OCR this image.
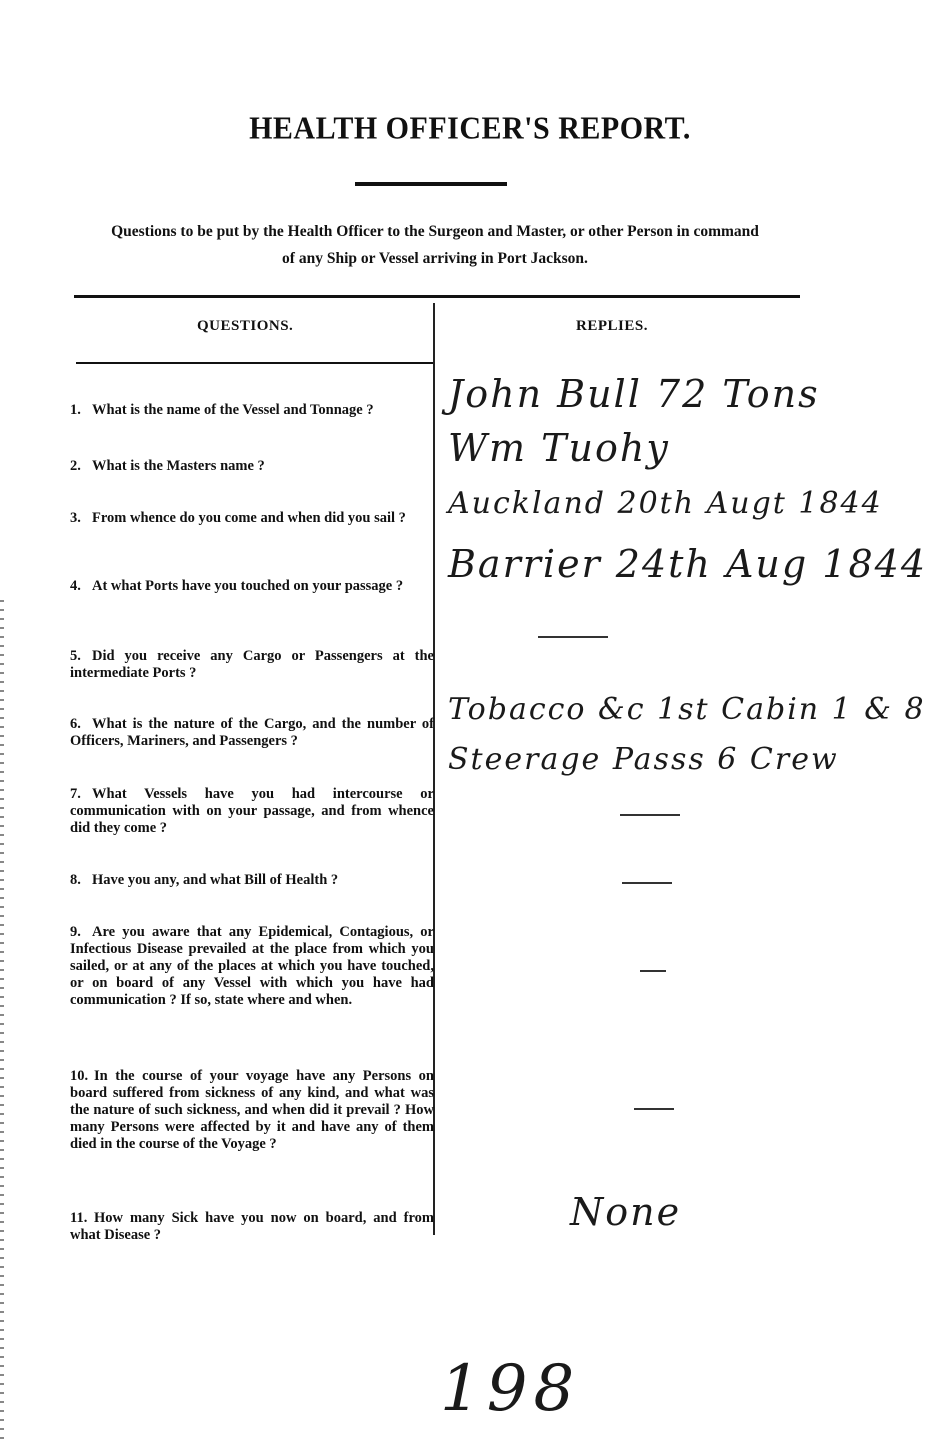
HEALTH OFFICER'S REPORT.
Questions to be put by the Health Officer to the Surgeon and Master, or other Person in command
of any Ship or Vessel arriving in Port Jackson.
QUESTIONS.	REPLIES.
1. What is the name of the Vessel and Tonnage ?
2. What is the Masters name ?
3. From whence do you come and when did you sail ?
4. At what Ports have you touched on your passage ?
5. Did you receive any Cargo or Passengers at the intermediate Ports ?
6. What is the nature of the Cargo, and the number of Officers, Mariners, and Passengers ?
7. What Vessels have you had intercourse or communication with on your passage, and from whence did they come ?
8. Have you any, and what Bill of Health ?
9. Are you aware that any Epidemical, Contagious, or Infectious Disease prevailed at the place from which you sailed, or at any of the places at which you have touched, or on board of any Vessel with which you have had communication ? If so, state where and when.
10. In the course of your voyage have any Persons on board suffered from sickness of any kind, and what was the nature of such sickness, and when did it prevail ? How many Persons were affected by it and have any of them died in the course of the Voyage ?
11. How many Sick have you now on board, and from what Disease ?
John Bull 72 Tons
Wm Tuohy
Auckland 20th Augt 1844
Barrier 24th Aug 1844
Tobacco &c 1st Cabin 1 & 8
Steerage Passs 6 Crew
None
198
